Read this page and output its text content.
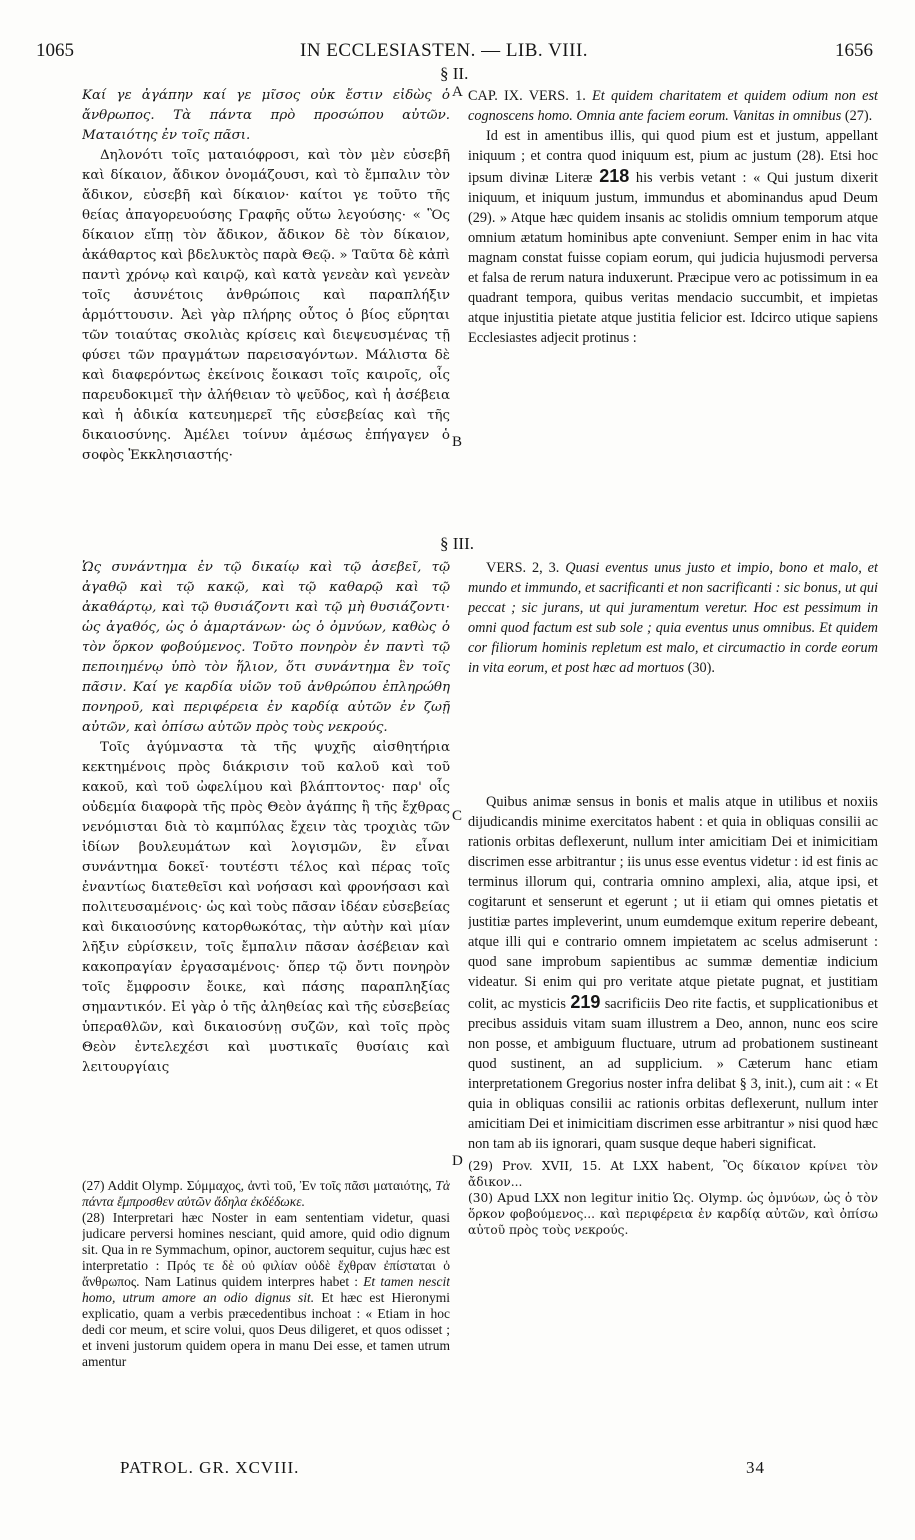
1065	IN ECCLESIASTEN. — LIB. VIII.	1656
§ II.
A
B
C
D

Καί γε ἀγάπην καί γε μῖσος οὐκ ἔστιν εἰδὼς ὁ ἄνθρωπος. Τὰ πάντα πρὸ προσώπου αὐτῶν. Ματαιότης ἐν τοῖς πᾶσι.

Δηλονότι τοῖς ματαιόφροσι, καὶ τὸν μὲν εὐσεβῆ καὶ δίκαιον, ἄδικον ὀνομάζουσι, καὶ τὸ ἔμπαλιν τὸν ἄδικον, εὐσεβῆ καὶ δίκαιον· καίτοι γε τοῦτο τῆς θείας ἀπαγορευούσης Γραφῆς οὕτω λεγούσης· « Ὃς δίκαιον εἴπῃ τὸν ἄδικον, ἄδικον δὲ τὸν δίκαιον, ἀκάθαρτος καὶ βδελυκτὸς παρὰ Θεῷ. » Ταῦτα δὲ κἀπὶ παντὶ χρόνῳ καὶ καιρῷ, καὶ κατὰ γενεὰν καὶ γενεὰν τοῖς ἀσυνέτοις ἀνθρώποις καὶ παραπλήξιν ἁρμόττουσιν. Ἀεὶ γὰρ πλήρης οὗτος ὁ βίος εὕρηται τῶν τοιαύτας σκολιὰς κρίσεις καὶ διεψευσμένας τῇ φύσει τῶν πραγμάτων παρεισαγόντων. Μάλιστα δὲ καὶ διαφερόντως ἐκείνοις ἔοικασι τοῖς καιροῖς, οἷς παρευδοκιμεῖ τὴν ἀλήθειαν τὸ ψεῦδος, καὶ ἡ ἀσέβεια καὶ ἡ ἀδικία κατευημερεῖ τῆς εὐσεβείας καὶ τῆς δικαιοσύνης. Ἀμέλει τοίνυν ἀμέσως ἐπήγαγεν ὁ σοφὸς Ἐκκλησιαστής·

§ III.

Ὡς συνάντημα ἐν τῷ δικαίῳ καὶ τῷ ἀσεβεῖ, τῷ ἀγαθῷ καὶ τῷ κακῷ, καὶ τῷ καθαρῷ καὶ τῷ ἀκαθάρτῳ, καὶ τῷ θυσιάζοντι καὶ τῷ μὴ θυσιάζοντι· ὡς ἀγαθός, ὡς ὁ ἁμαρτάνων· ὡς ὁ ὀμνύων, καθὼς ὁ τὸν ὅρκον φοβούμενος. Τοῦτο πονηρὸν ἐν παντὶ τῷ πεποιημένῳ ὑπὸ τὸν ἥλιον, ὅτι συνάντημα ἓν τοῖς πᾶσιν. Καί γε καρδία υἱῶν τοῦ ἀνθρώπου ἐπληρώθη πονηροῦ, καὶ περιφέρεια ἐν καρδίᾳ αὐτῶν ἐν ζωῇ αὐτῶν, καὶ ὀπίσω αὐτῶν πρὸς τοὺς νεκρούς.

Τοῖς ἀγύμναστα τὰ τῆς ψυχῆς αἰσθητήρια κεκτημένοις πρὸς διάκρισιν τοῦ καλοῦ καὶ τοῦ κακοῦ, καὶ τοῦ ὠφελίμου καὶ βλάπτοντος· παρ' οἷς οὐδεμία διαφορὰ τῆς πρὸς Θεὸν ἀγάπης ἢ τῆς ἔχθρας νενόμισται διὰ τὸ καμπύλας ἔχειν τὰς τροχιὰς τῶν ἰδίων βουλευμάτων καὶ λογισμῶν, ἓν εἶναι συνάντημα δοκεῖ· τουτέστι τέλος καὶ πέρας τοῖς ἐναντίως διατεθεῖσι καὶ νοήσασι καὶ φρονήσασι καὶ πολιτευσαμένοις· ὡς καὶ τοὺς πᾶσαν ἰδέαν εὐσεβείας καὶ δικαιοσύνης κατορθωκότας, τὴν αὐτὴν καὶ μίαν λῆξιν εὑρίσκειν, τοῖς ἔμπαλιν πᾶσαν ἀσέβειαν καὶ κακοπραγίαν ἐργασαμένοις· ὅπερ τῷ ὄντι πονηρὸν τοῖς ἔμφροσιν ἔοικε, καὶ πάσης παραπληξίας σημαντικόν. Εἰ γὰρ ὁ τῆς ἀληθείας καὶ τῆς εὐσεβείας ὑπεραθλῶν, καὶ δικαιοσύνῃ συζῶν, καὶ τοῖς πρὸς Θεὸν ἐντελεχέσι καὶ μυστικαῖς θυσίαις καὶ λειτουργίαις

(27) Addit Olymp. Σύμμαχος, ἀντὶ τοῦ, Ἐν τοῖς πᾶσι ματαιότης, Τὰ πάντα ἔμπροσθεν αὐτῶν ἄδηλα ἐκδέδωκε.

(28) Interpretari hæc Noster in eam sententiam videtur, quasi judicare perversi homines nesciant, quid amore, quid odio dignum sit. Qua in re Symmachum, opinor, auctorem sequitur, cujus hæc est interpretatio : Πρός τε δὲ οὐ φιλίαν οὐδὲ ἔχθραν ἐπίσταται ὁ ἄνθρωπος. Nam Latinus quidem interpres habet : Et tamen nescit homo, utrum amore an odio dignus sit. Et hæc est Hieronymi explicatio, quam a verbis præcedentibus inchoat : « Etiam in hoc dedi cor meum, et scire volui, quos Deus diligeret, et quos odisset ; et inveni justorum quidem opera in manu Dei esse, et tamen utrum amentur

CAP. IX. VERS. 1. Et quidem charitatem et quidem odium non est cognoscens homo. Omnia ante faciem eorum. Vanitas in omnibus (27).

Id est in amentibus illis, qui quod pium est et justum, appellant iniquum ; et contra quod iniquum est, pium ac justum (28). Etsi hoc ipsum divinæ Literæ 218 his verbis vetant : « Qui justum dixerit iniquum, et iniquum justum, immundus et abominandus apud Deum (29). » Atque hæc quidem insanis ac stolidis omnium temporum atque omnium ætatum hominibus apte conveniunt. Semper enim in hac vita magnam constat fuisse copiam eorum, qui judicia hujusmodi perversa et falsa de rerum natura induxerunt. Præcipue vero ac potissimum in ea quadrant tempora, quibus veritas mendacio succumbit, et impietas atque injustitia pietate atque justitia felicior est. Idcirco utique sapiens Ecclesiastes adjecit protinus :

VERS. 2, 3. Quasi eventus unus justo et impio, bono et malo, et mundo et immundo, et sacrificanti et non sacrificanti : sic bonus, ut qui peccat ; sic jurans, ut qui juramentum veretur. Hoc est pessimum in omni quod factum est sub sole ; quia eventus unus omnibus. Et quidem cor filiorum hominis repletum est malo, et circumactio in corde eorum in vita eorum, et post hæc ad mortuos (30).

Quibus animæ sensus in bonis et malis atque in utilibus et noxiis dijudicandis minime exercitatos habent : et quia in obliquas consilii ac rationis orbitas deflexerunt, nullum inter amicitiam Dei et inimicitiam discrimen esse arbitrantur ; iis unus esse eventus videtur : id est finis ac terminus illorum qui, contraria omnino amplexi, alia, atque ipsi, et cogitarunt et senserunt et egerunt ; ut ii etiam qui omnes pietatis et justitiæ partes impleverint, unum eumdemque exitum reperire debeant, atque illi qui e contrario omnem impietatem ac scelus admiserunt : quod sane improbum sapientibus ac summæ dementiæ indicium videatur. Si enim qui pro veritate atque pietate pugnat, et justitiam colit, ac mysticis 219 sacrificiis Deo rite factis, et supplicationibus et precibus assiduis vitam suam illustrem a Deo, annon, nunc eos scire non posse, et ambiguum fluctuare, utrum ad probationem sustineant quod sustinent, an ad supplicium. » Cæterum hanc etiam interpretationem Gregorius noster infra delibat § 3, init.), cum ait : « Et quia in obliquas consilii ac rationis orbitas deflexerunt, nullum inter amicitiam Dei et inimicitiam discrimen esse arbitrantur » nisi quod hæc non tam ab iis ignorari, quam susque deque haberi significat.

(29) Prov. XVII, 15. At LXX habent, Ὃς δίκαιον κρίνει τὸν ἄδικον...

(30) Apud LXX non legitur initio Ὡς. Olymp. ὡς ὀμνύων, ὡς ὁ τὸν ὅρκον φοβούμενος... καὶ περιφέρεια ἐν καρδίᾳ αὐτῶν, καὶ ὀπίσω αὐτοῦ πρὸς τοὺς νεκρούς.

PATROL. GR. XCVIII.	34
